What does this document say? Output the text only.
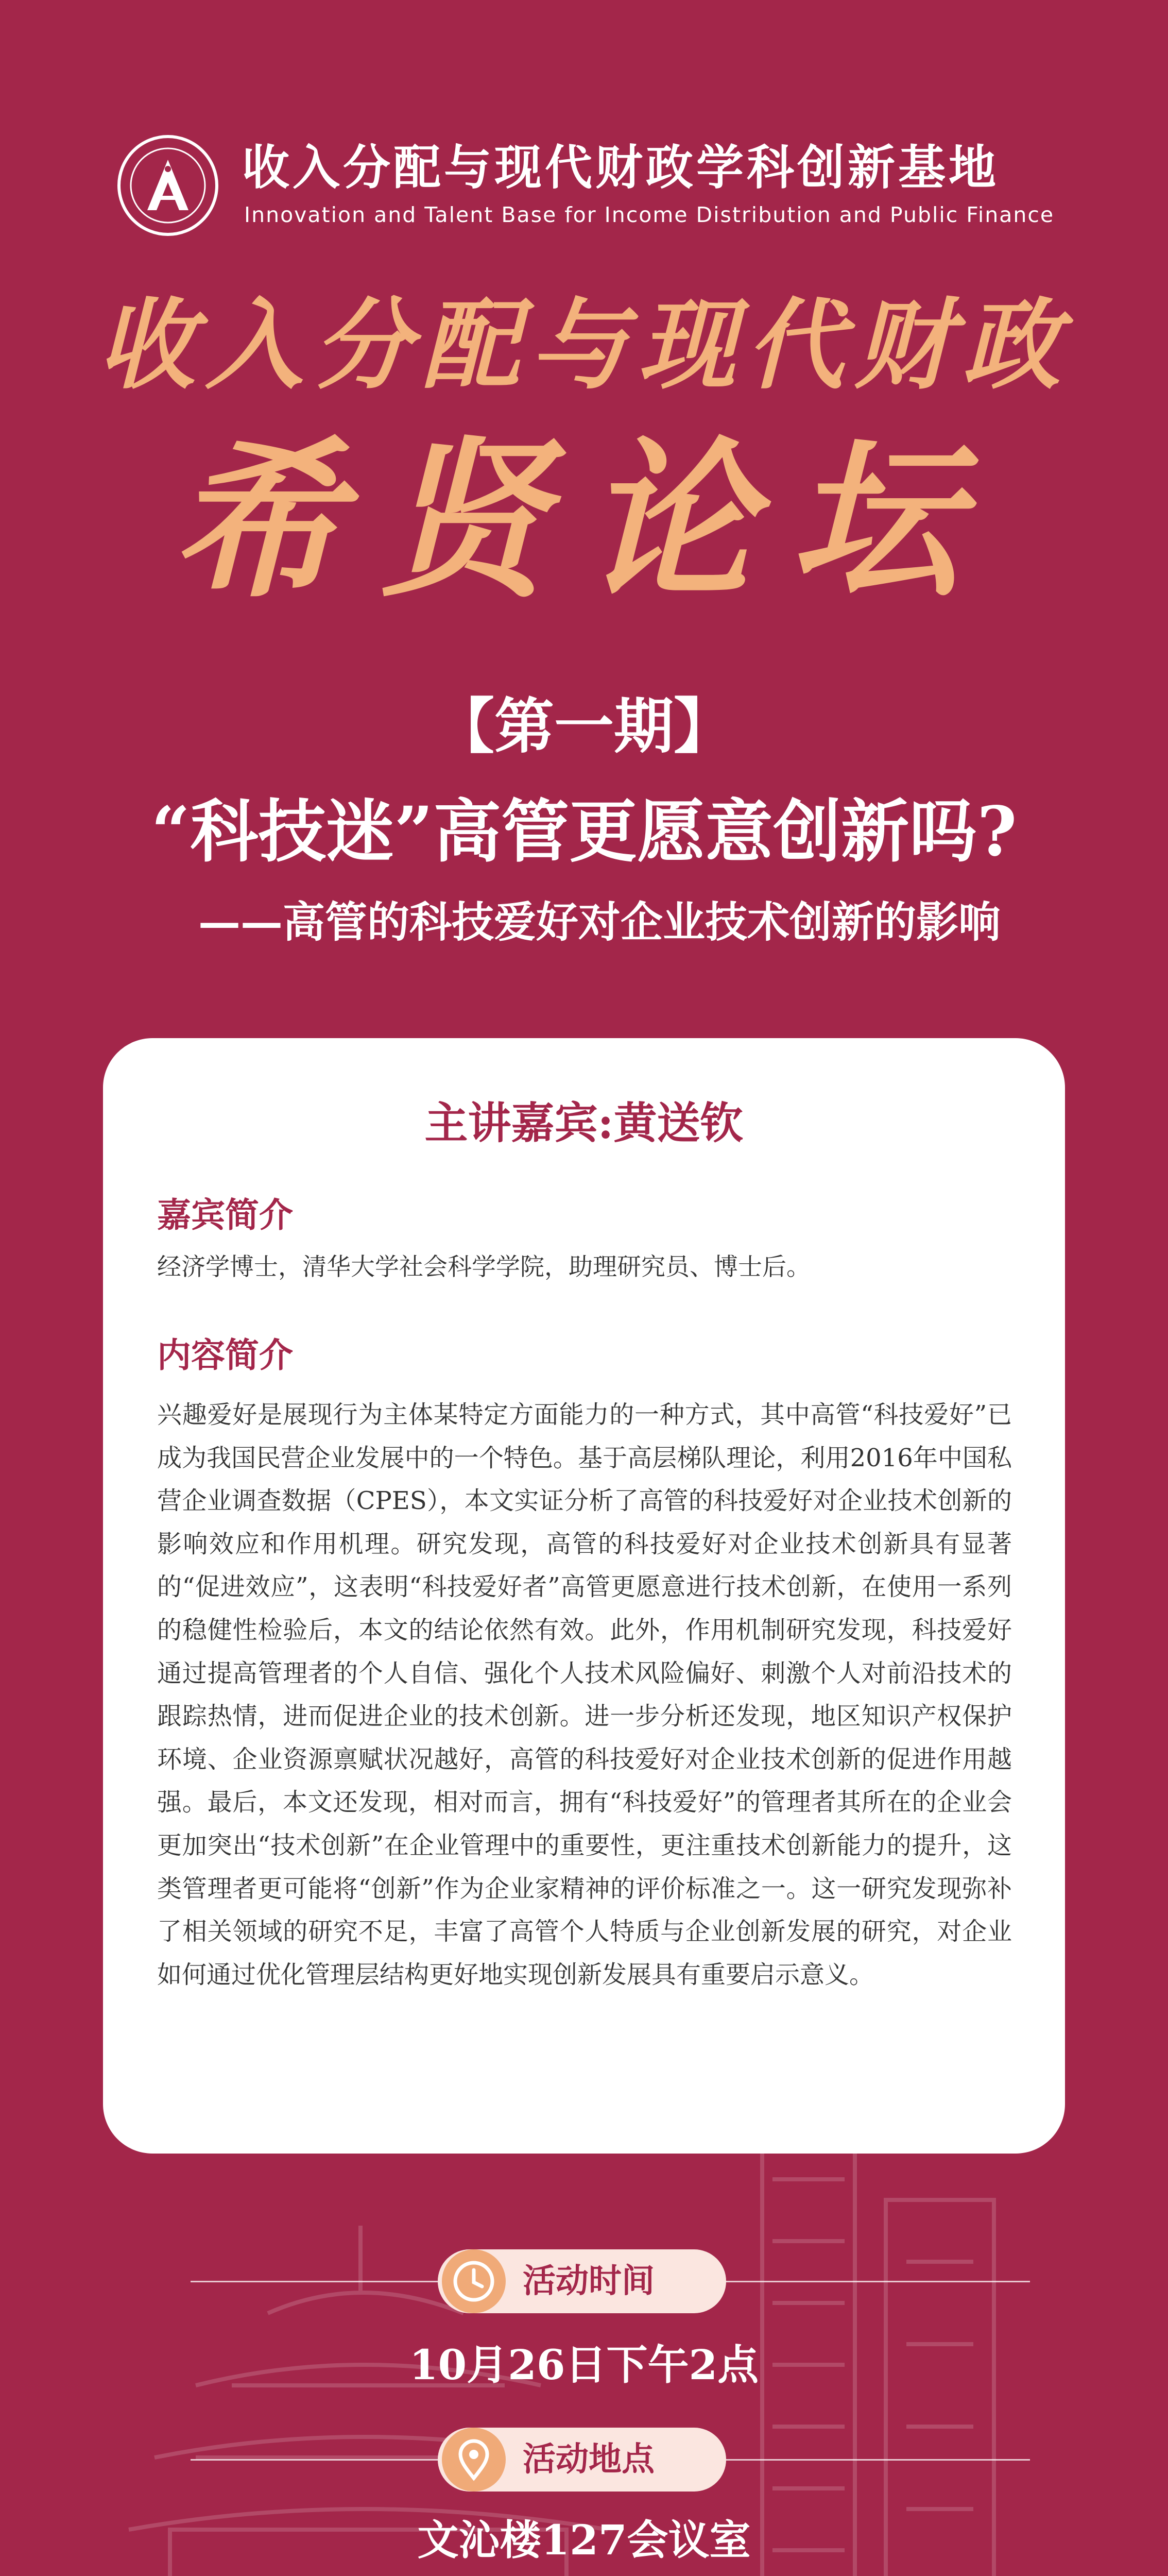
收入分配与现代财政学科创新基地
Innovation and Talent Base for Income Distribution and Public Finance
收入分配与现代财政
希贤论坛
【第一期】
“科技迷”高管更愿意创新吗?
——高管的科技爱好对企业技术创新的影响
主讲嘉宾:黄送钦
嘉宾简介
经济学博士，清华大学社会科学学院，助理研究员、博士后。
内容简介
兴趣爱好是展现行为主体某特定方面能力的一种方式，其中高管“科技爱好”已成为我国民营企业发展中的一个特色。基于高层梯队理论，利用2016年中国私营企业调查数据（CPES），本文实证分析了高管的科技爱好对企业技术创新的影响效应和作用机理。研究发现，高管的科技爱好对企业技术创新具有显著的“促进效应”，这表明“科技爱好者”高管更愿意进行技术创新，在使用一系列的稳健性检验后，本文的结论依然有效。此外，作用机制研究发现，科技爱好通过提高管理者的个人自信、强化个人技术风险偏好、刺激个人对前沿技术的跟踪热情，进而促进企业的技术创新。进一步分析还发现，地区知识产权保护环境、企业资源禀赋状况越好，高管的科技爱好对企业技术创新的促进作用越强。最后，本文还发现，相对而言，拥有“科技爱好”的管理者其所在的企业会更加突出“技术创新”在企业管理中的重要性，更注重技术创新能力的提升，这类管理者更可能将“创新”作为企业家精神的评价标准之一。这一研究发现弥补了相关领域的研究不足，丰富了高管个人特质与企业创新发展的研究，对企业如何通过优化管理层结构更好地实现创新发展具有重要启示意义。
活动时间
10月26日下午2点
活动地点
文沁楼127会议室
